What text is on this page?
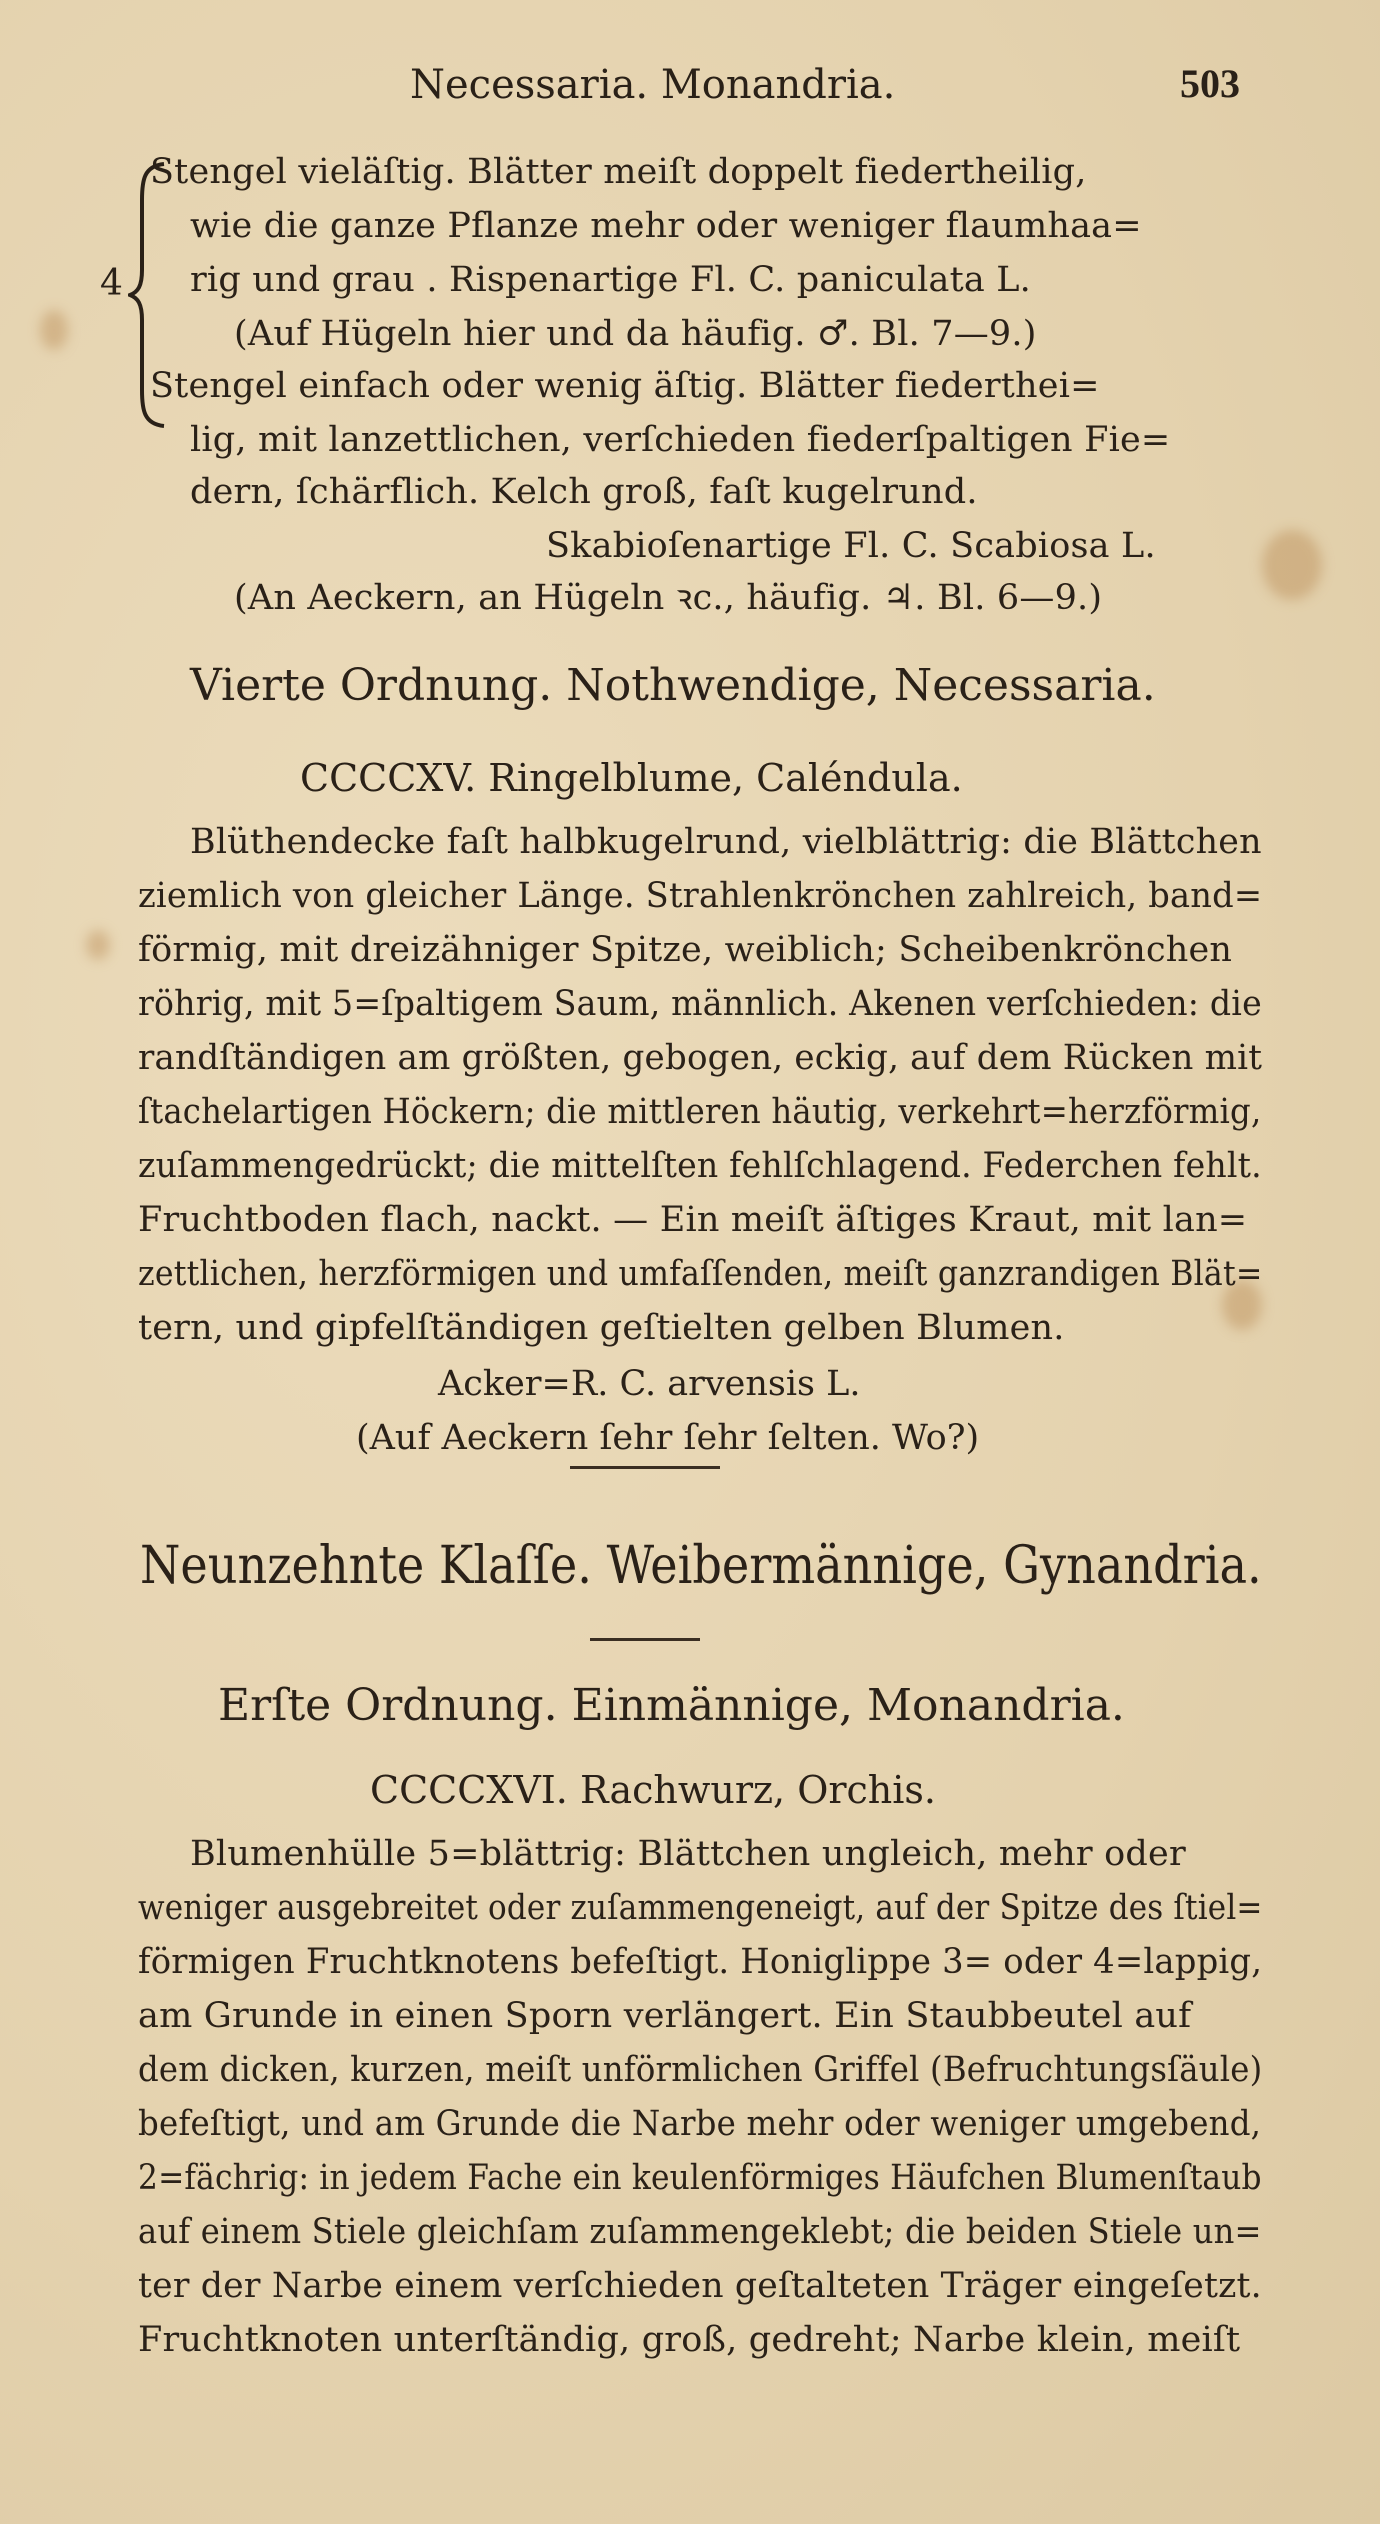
Necessaria. Monandria.	503
4
Stengel vieläſtig. Blätter meiſt doppelt fiedertheilig,
wie die ganze Pflanze mehr oder weniger flaumhaa=
rig und grau . Rispenartige Fl. C. paniculata L.
(Auf Hügeln hier und da häufig. ♂. Bl. 7—9.)
Stengel einfach oder wenig äſtig. Blätter fiederthei=
lig, mit lanzettlichen, verſchieden fiederſpaltigen Fie=
dern, ſchärflich. Kelch groß, faſt kugelrund.
Skabioſenartige Fl. C. Scabiosa L.
(An Aeckern, an Hügeln ꝛc., häufig. ♃. Bl. 6—9.)
Vierte Ordnung. Nothwendige, Necessaria.
CCCCXV. Ringelblume, Caléndula.
Blüthendecke faſt halbkugelrund, vielblättrig: die Blättchen
ziemlich von gleicher Länge. Strahlenkrönchen zahlreich, band=
förmig, mit dreizähniger Spitze, weiblich; Scheibenkrönchen
röhrig, mit 5=ſpaltigem Saum, männlich. Akenen verſchieden: die
randſtändigen am größten, gebogen, eckig, auf dem Rücken mit
ſtachelartigen Höckern; die mittleren häutig, verkehrt=herzförmig,
zuſammengedrückt; die mittelſten fehlſchlagend. Federchen fehlt.
Fruchtboden flach, nackt. — Ein meiſt äſtiges Kraut, mit lan=
zettlichen, herzförmigen und umfaſſenden, meiſt ganzrandigen Blät=
tern, und gipfelſtändigen geſtielten gelben Blumen.
Acker=R. C. arvensis L.
(Auf Aeckern ſehr ſehr ſelten. Wo?)
Neunzehnte Klaſſe. Weibermännige, Gynandria.
Erſte Ordnung. Einmännige, Monandria.
CCCCXVI. Rachwurz, Orchis.
Blumenhülle 5=blättrig: Blättchen ungleich, mehr oder
weniger ausgebreitet oder zuſammengeneigt, auf der Spitze des ſtiel=
förmigen Fruchtknotens befeſtigt. Honiglippe 3= oder 4=lappig,
am Grunde in einen Sporn verlängert. Ein Staubbeutel auf
dem dicken, kurzen, meiſt unförmlichen Griffel (Befruchtungsſäule)
befeſtigt, und am Grunde die Narbe mehr oder weniger umgebend,
2=fächrig: in jedem Fache ein keulenförmiges Häufchen Blumenſtaub
auf einem Stiele gleichſam zuſammengeklebt; die beiden Stiele un=
ter der Narbe einem verſchieden geſtalteten Träger eingeſetzt.
Fruchtknoten unterſtändig, groß, gedreht; Narbe klein, meiſt
